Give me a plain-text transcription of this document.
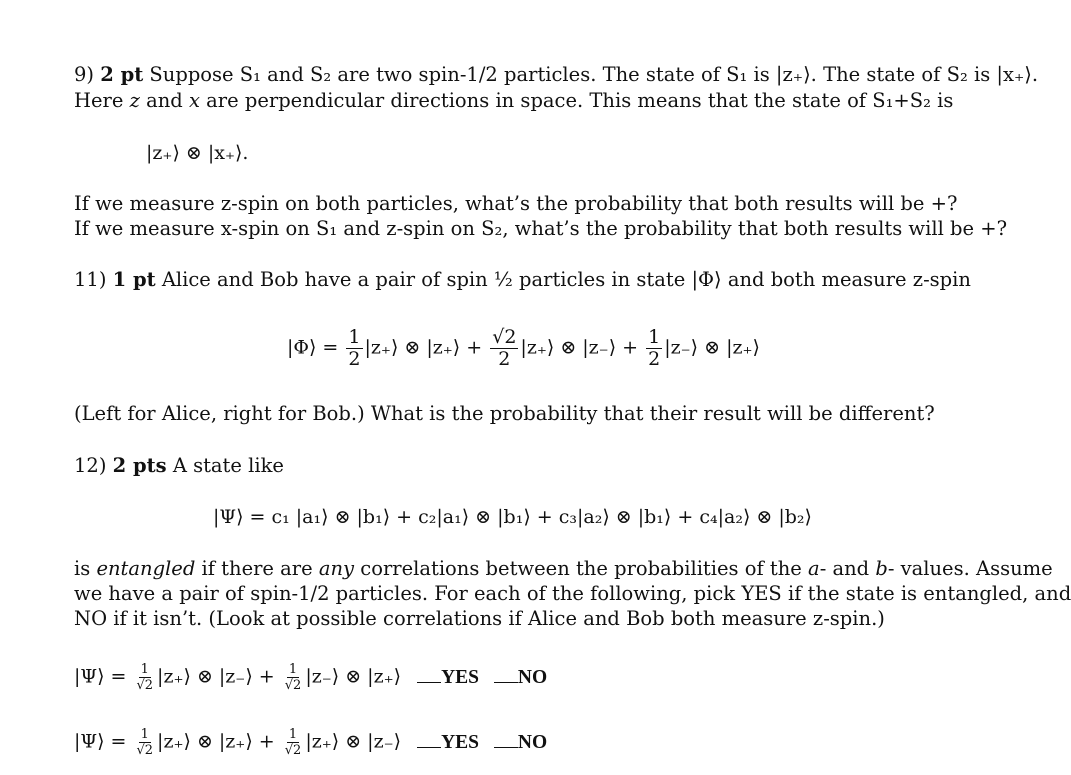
9) 2 pt Suppose S₁ and S₂ are two spin-1/2 particles. The state of S₁ is |z₊⟩. The state of S₂ is |x₊⟩.
Here z and x are perpendicular directions in space. This means that the state of S₁+S₂ is
|z₊⟩ ⊗ |x₊⟩.
If we measure z-spin on both particles, what’s the probability that both results will be +?
If we measure x-spin on S₁ and z-spin on S₂, what’s the probability that both results will be +?
11) 1 pt Alice and Bob have a pair of spin ½ particles in state |Φ⟩ and both measure z-spin
|Φ⟩ = $\frac{1}{2}$ |z₊⟩ ⊗ |z₊⟩ + $\frac{√2}{2}$ |z₊⟩ ⊗ |z₋⟩ + $\frac{1}{2}$ |z₋⟩ ⊗ |z₊⟩
(Left for Alice, right for Bob.) What is the probability that their result will be different?
12) 2 pts A state like
|Ψ⟩ = c₁ |a₁⟩ ⊗ |b₁⟩ + c₂|a₁⟩ ⊗ |b₁⟩ + c₃|a₂⟩ ⊗ |b₁⟩ + c₄|a₂⟩ ⊗ |b₂⟩
is entangled if there are any correlations between the probabilities of the a- and b- values. Assume
we have a pair of spin-1/2 particles. For each of the following, pick YES if the state is entangled, and
NO if it isn’t. (Look at possible correlations if Alice and Bob both measure z-spin.)
|Ψ⟩ = $\frac{1}{√2}$ |z₊⟩ ⊗ |z₋⟩ + $\frac{1}{√2}$ |z₋⟩ ⊗ |z₊⟩ YES NO
|Ψ⟩ = $\frac{1}{√2}$ |z₊⟩ ⊗ |z₊⟩ + $\frac{1}{√2}$ |z₊⟩ ⊗ |z₋⟩ YES NO
